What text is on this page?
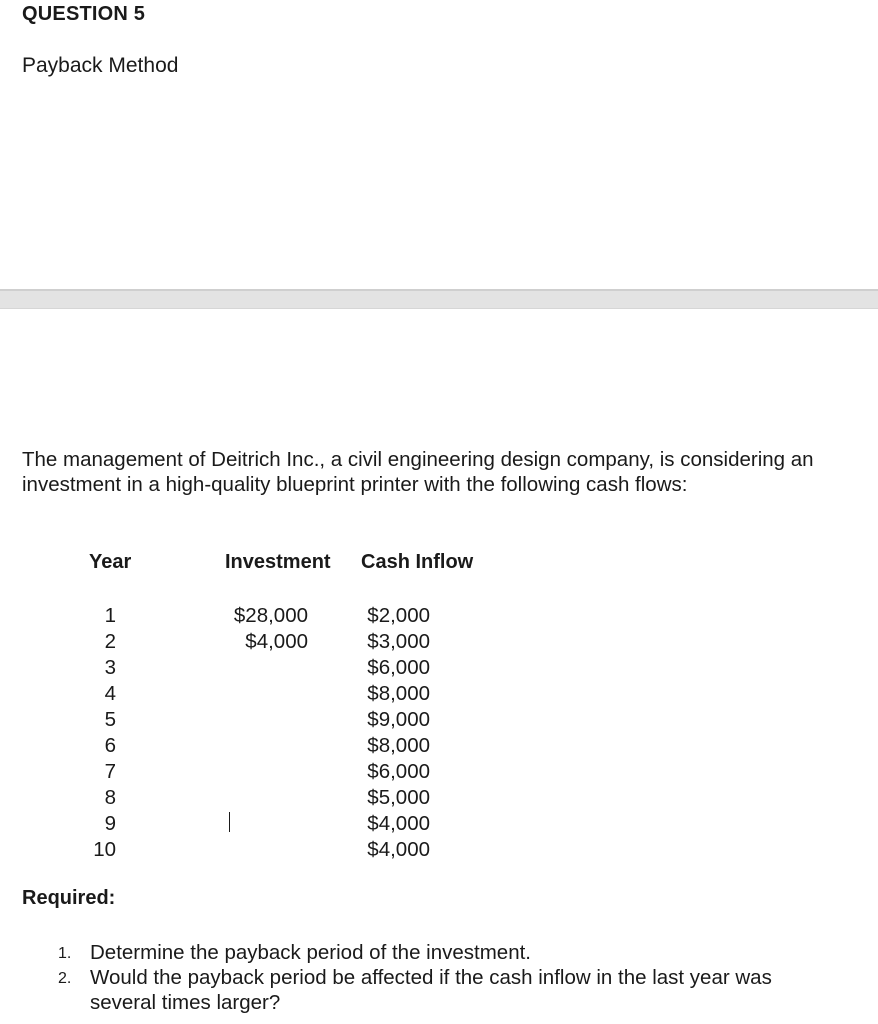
QUESTION 5
Payback Method
The management of Deitrich Inc., a civil engineering design company, is considering an investment in a high-quality blueprint printer with the following cash flows:
Year	Investment Cash Inflow
1
2
3
4
5
6
7
8
9
10
$28,000
$4,000
$2,000
$3,000
$6,000
$8,000
$9,000
$8,000
$6,000
$5,000
$4,000
$4,000
Required:
1. Determine the payback period of the investment.
2. Would the payback period be affected if the cash inflow in the last year was several times larger?
